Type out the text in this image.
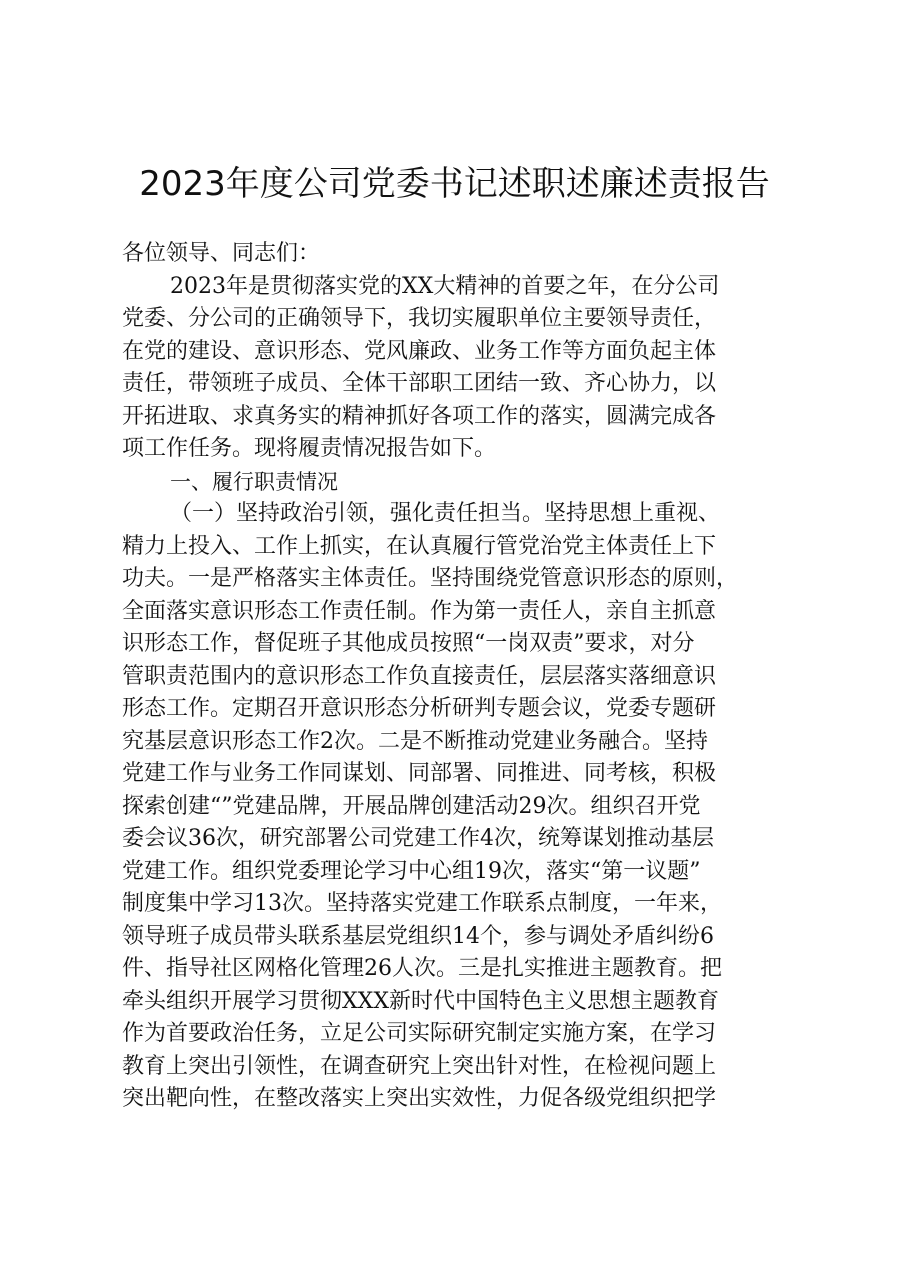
2023年度公司党委书记述职述廉述责报告
各位领导、同志们：
2023年是贯彻落实党的XX大精神的首要之年，在分公司
党委、分公司的正确领导下，我切实履职单位主要领导责任，
在党的建设、意识形态、党风廉政、业务工作等方面负起主体
责任，带领班子成员、全体干部职工团结一致、齐心协力，以
开拓进取、求真务实的精神抓好各项工作的落实，圆满完成各
项工作任务。现将履责情况报告如下。
一、履行职责情况
（一）坚持政治引领，强化责任担当。坚持思想上重视、
精力上投入、工作上抓实，在认真履行管党治党主体责任上下
功夫。一是严格落实主体责任。坚持围绕党管意识形态的原则，
全面落实意识形态工作责任制。作为第一责任人，亲自主抓意
识形态工作，督促班子其他成员按照“一岗双责”要求，对分
管职责范围内的意识形态工作负直接责任，层层落实落细意识
形态工作。定期召开意识形态分析研判专题会议，党委专题研
究基层意识形态工作2次。二是不断推动党建业务融合。坚持
党建工作与业务工作同谋划、同部署、同推进、同考核，积极
探索创建“”党建品牌，开展品牌创建活动29次。组织召开党
委会议36次，研究部署公司党建工作4次，统筹谋划推动基层
党建工作。组织党委理论学习中心组19次，落实“第一议题”
制度集中学习13次。坚持落实党建工作联系点制度，一年来，
领导班子成员带头联系基层党组织14个，参与调处矛盾纠纷6
件、指导社区网格化管理26人次。三是扎实推进主题教育。把
牵头组织开展学习贯彻XXX新时代中国特色主义思想主题教育
作为首要政治任务，立足公司实际研究制定实施方案，在学习
教育上突出引领性，在调查研究上突出针对性，在检视问题上
突出靶向性，在整改落实上突出实效性，力促各级党组织把学
